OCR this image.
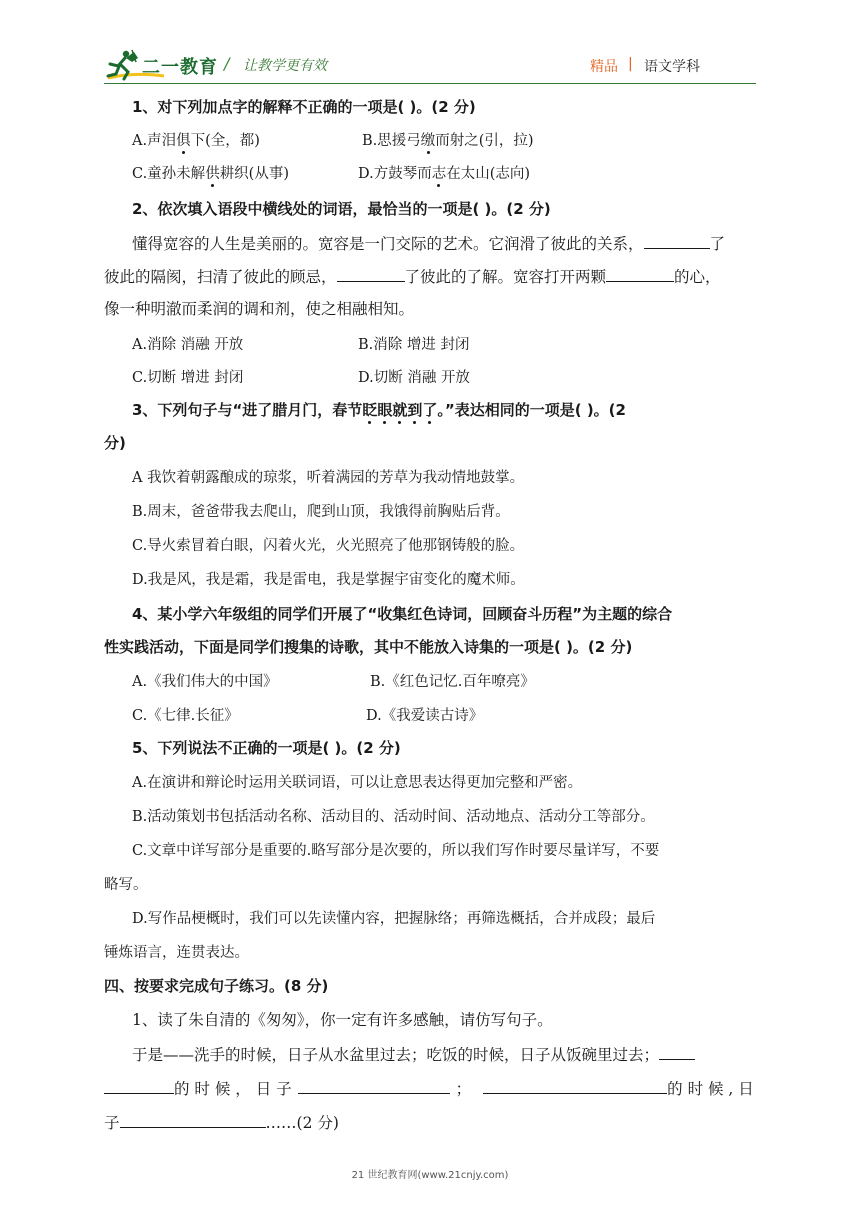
二一教育 / 让教学更有效	精品 | 语文学科
1、对下列加点字的解释不正确的一项是( )。(2 分)
A.声泪俱下(全，都)	B.思援弓缴而射之(引，拉)
C.童孙未解供耕织(从事)	D.方鼓琴而志在太山(志向)
2、依次填入语段中横线处的词语，最恰当的一项是( )。(2 分)
懂得宽容的人生是美丽的。宽容是一门交际的艺术。它润滑了彼此的关系，	了
彼此的隔阂，扫清了彼此的顾忌，	了彼此的了解。宽容打开两颗	的心，
像一种明澈而柔润的调和剂，使之相融相知。
A.消除 消融 开放	B.消除 增进 封闭
C.切断 增进 封闭	D.切断 消融 开放
3、下列句子与“进了腊月门，春节眨眼就到了。”表达相同的一项是( )。(2
分)
A 我饮着朝露酿成的琼浆，听着满园的芳草为我动情地鼓掌。
B.周末，爸爸带我去爬山，爬到山顶，我饿得前胸贴后背。
C.导火索冒着白眼，闪着火光，火光照亮了他那钢铸般的脸。
D.我是风，我是霜，我是雷电，我是掌握宇宙变化的魔术师。
4、某小学六年级组的同学们开展了“收集红色诗词，回顾奋斗历程”为主题的综合
性实践活动，下面是同学们搜集的诗歌，其中不能放入诗集的一项是( )。(2 分)
A.《我们伟大的中国》	B.《红色记忆.百年嘹亮》
C.《七律.长征》	D.《我爱读古诗》
5、下列说法不正确的一项是( )。(2 分)
A.在演讲和辩论时运用关联词语，可以让意思表达得更加完整和严密。
B.活动策划书包括活动名称、活动目的、活动时间、活动地点、活动分工等部分。
C.文章中详写部分是重要的.略写部分是次要的，所以我们写作时要尽量详写，不要
略写。
D.写作品梗概时，我们可以先读懂内容，把握脉络；再筛选概括，合并成段；最后
锤炼语言，连贯表达。
四、按要求完成句子练习。(8 分)
1、读了朱自清的《匆匆》，你一定有许多感触，请仿写句子。
于是——洗手的时候，日子从水盆里过去；吃饭的时候，日子从饭碗里过去；
的 时 候 ， 日 子	；	的 时 候 , 日
子	……(2 分)
21 世纪教育网(www.21cnjy.com)
